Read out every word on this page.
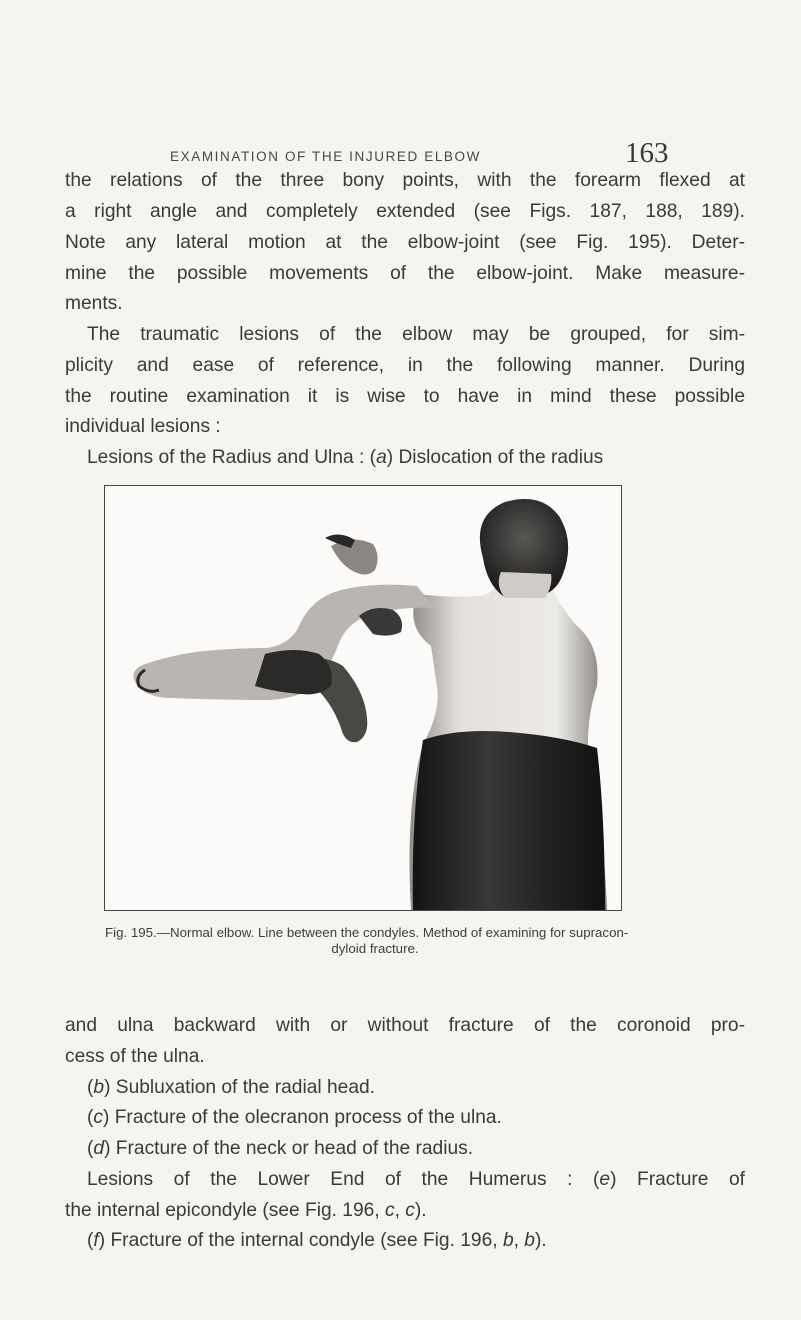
EXAMINATION OF THE INJURED ELBOW	163
the relations of the three bony points, with the forearm flexed at
a right angle and completely extended (see Figs. 187, 188, 189).
Note any lateral motion at the elbow-joint (see Fig. 195). Deter-
mine the possible movements of the elbow-joint. Make measure-
ments.
The traumatic lesions of the elbow may be grouped, for sim-
plicity and ease of reference, in the following manner. During
the routine examination it is wise to have in mind these possible
individual lesions :
Lesions of the Radius and Ulna : (a) Dislocation of the radius
Fig. 195.—Normal elbow. Line between the condyles. Method of examining for supracon-
dyloid fracture.
and ulna backward with or without fracture of the coronoid pro-
cess of the ulna.
(b) Subluxation of the radial head.
(c) Fracture of the olecranon process of the ulna.
(d) Fracture of the neck or head of the radius.
Lesions of the Lower End of the Humerus : (e) Fracture of
the internal epicondyle (see Fig. 196, c, c).
(f) Fracture of the internal condyle (see Fig. 196, b, b).
